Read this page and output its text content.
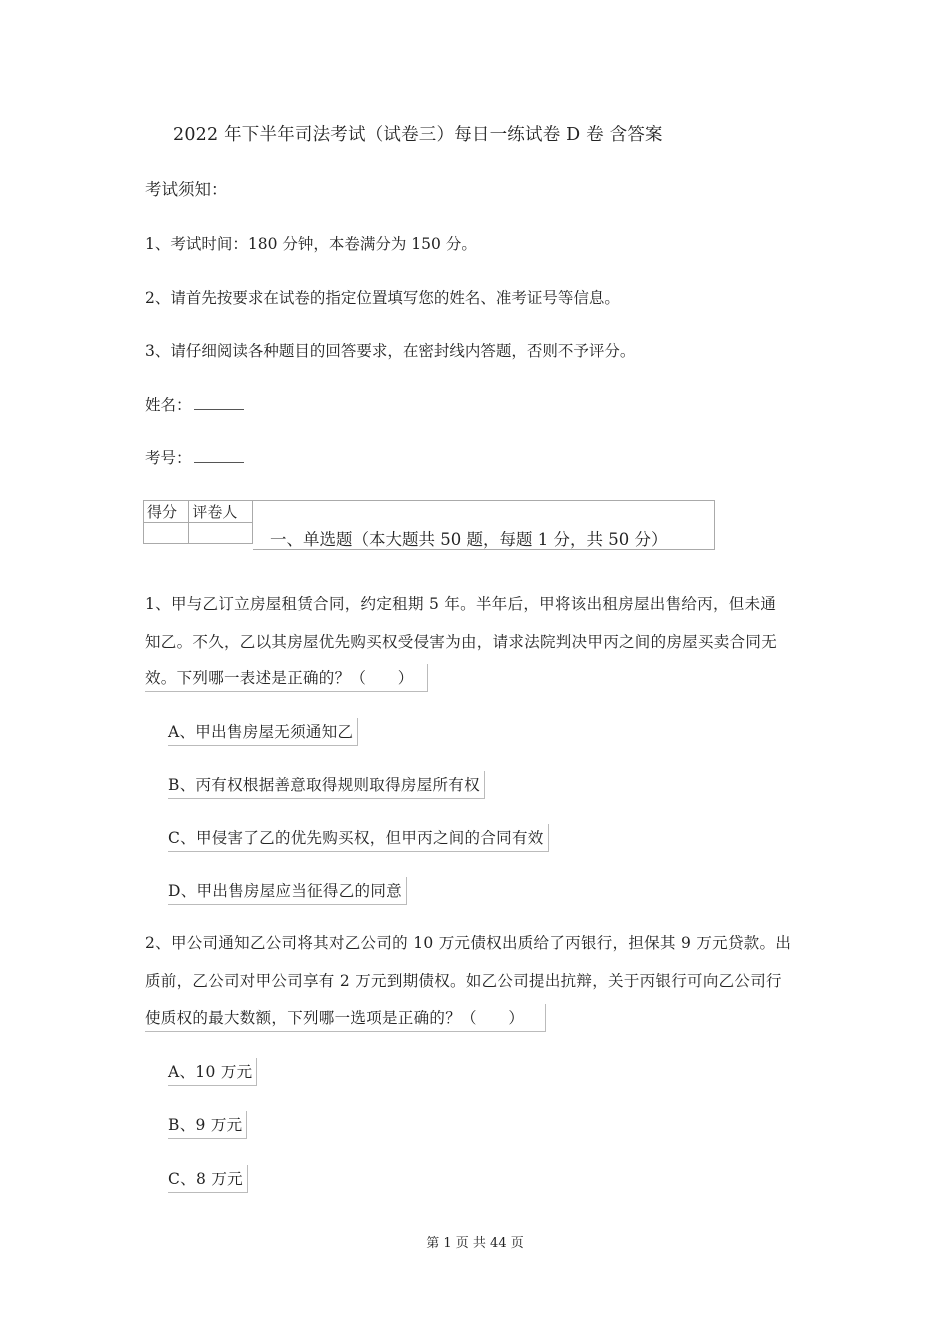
2022 年下半年司法考试（试卷三）每日一练试卷 D 卷 含答案
考试须知：
1、考试时间：180 分钟，本卷满分为 150 分。
2、请首先按要求在试卷的指定位置填写您的姓名、准考证号等信息。
3、请仔细阅读各种题目的回答要求，在密封线内答题，否则不予评分。
姓名：
考号：
得分	评卷人

一、单选题（本大题共 50 题，每题 1 分，共 50 分）
1、甲与乙订立房屋租赁合同，约定租期 5 年。半年后，甲将该出租房屋出售给丙，但未通
知乙。不久，乙以其房屋优先购买权受侵害为由，请求法院判决甲丙之间的房屋买卖合同无
效。下列哪一表述是正确的？（　　）
A、甲出售房屋无须通知乙
B、丙有权根据善意取得规则取得房屋所有权
C、甲侵害了乙的优先购买权，但甲丙之间的合同有效
D、甲出售房屋应当征得乙的同意
2、甲公司通知乙公司将其对乙公司的 10 万元债权出质给了丙银行，担保其 9 万元贷款。出
质前，乙公司对甲公司享有 2 万元到期债权。如乙公司提出抗辩，关于丙银行可向乙公司行
使质权的最大数额，下列哪一选项是正确的？（　　）
A、10 万元
B、9 万元
C、8 万元
第 1 页 共 44 页
